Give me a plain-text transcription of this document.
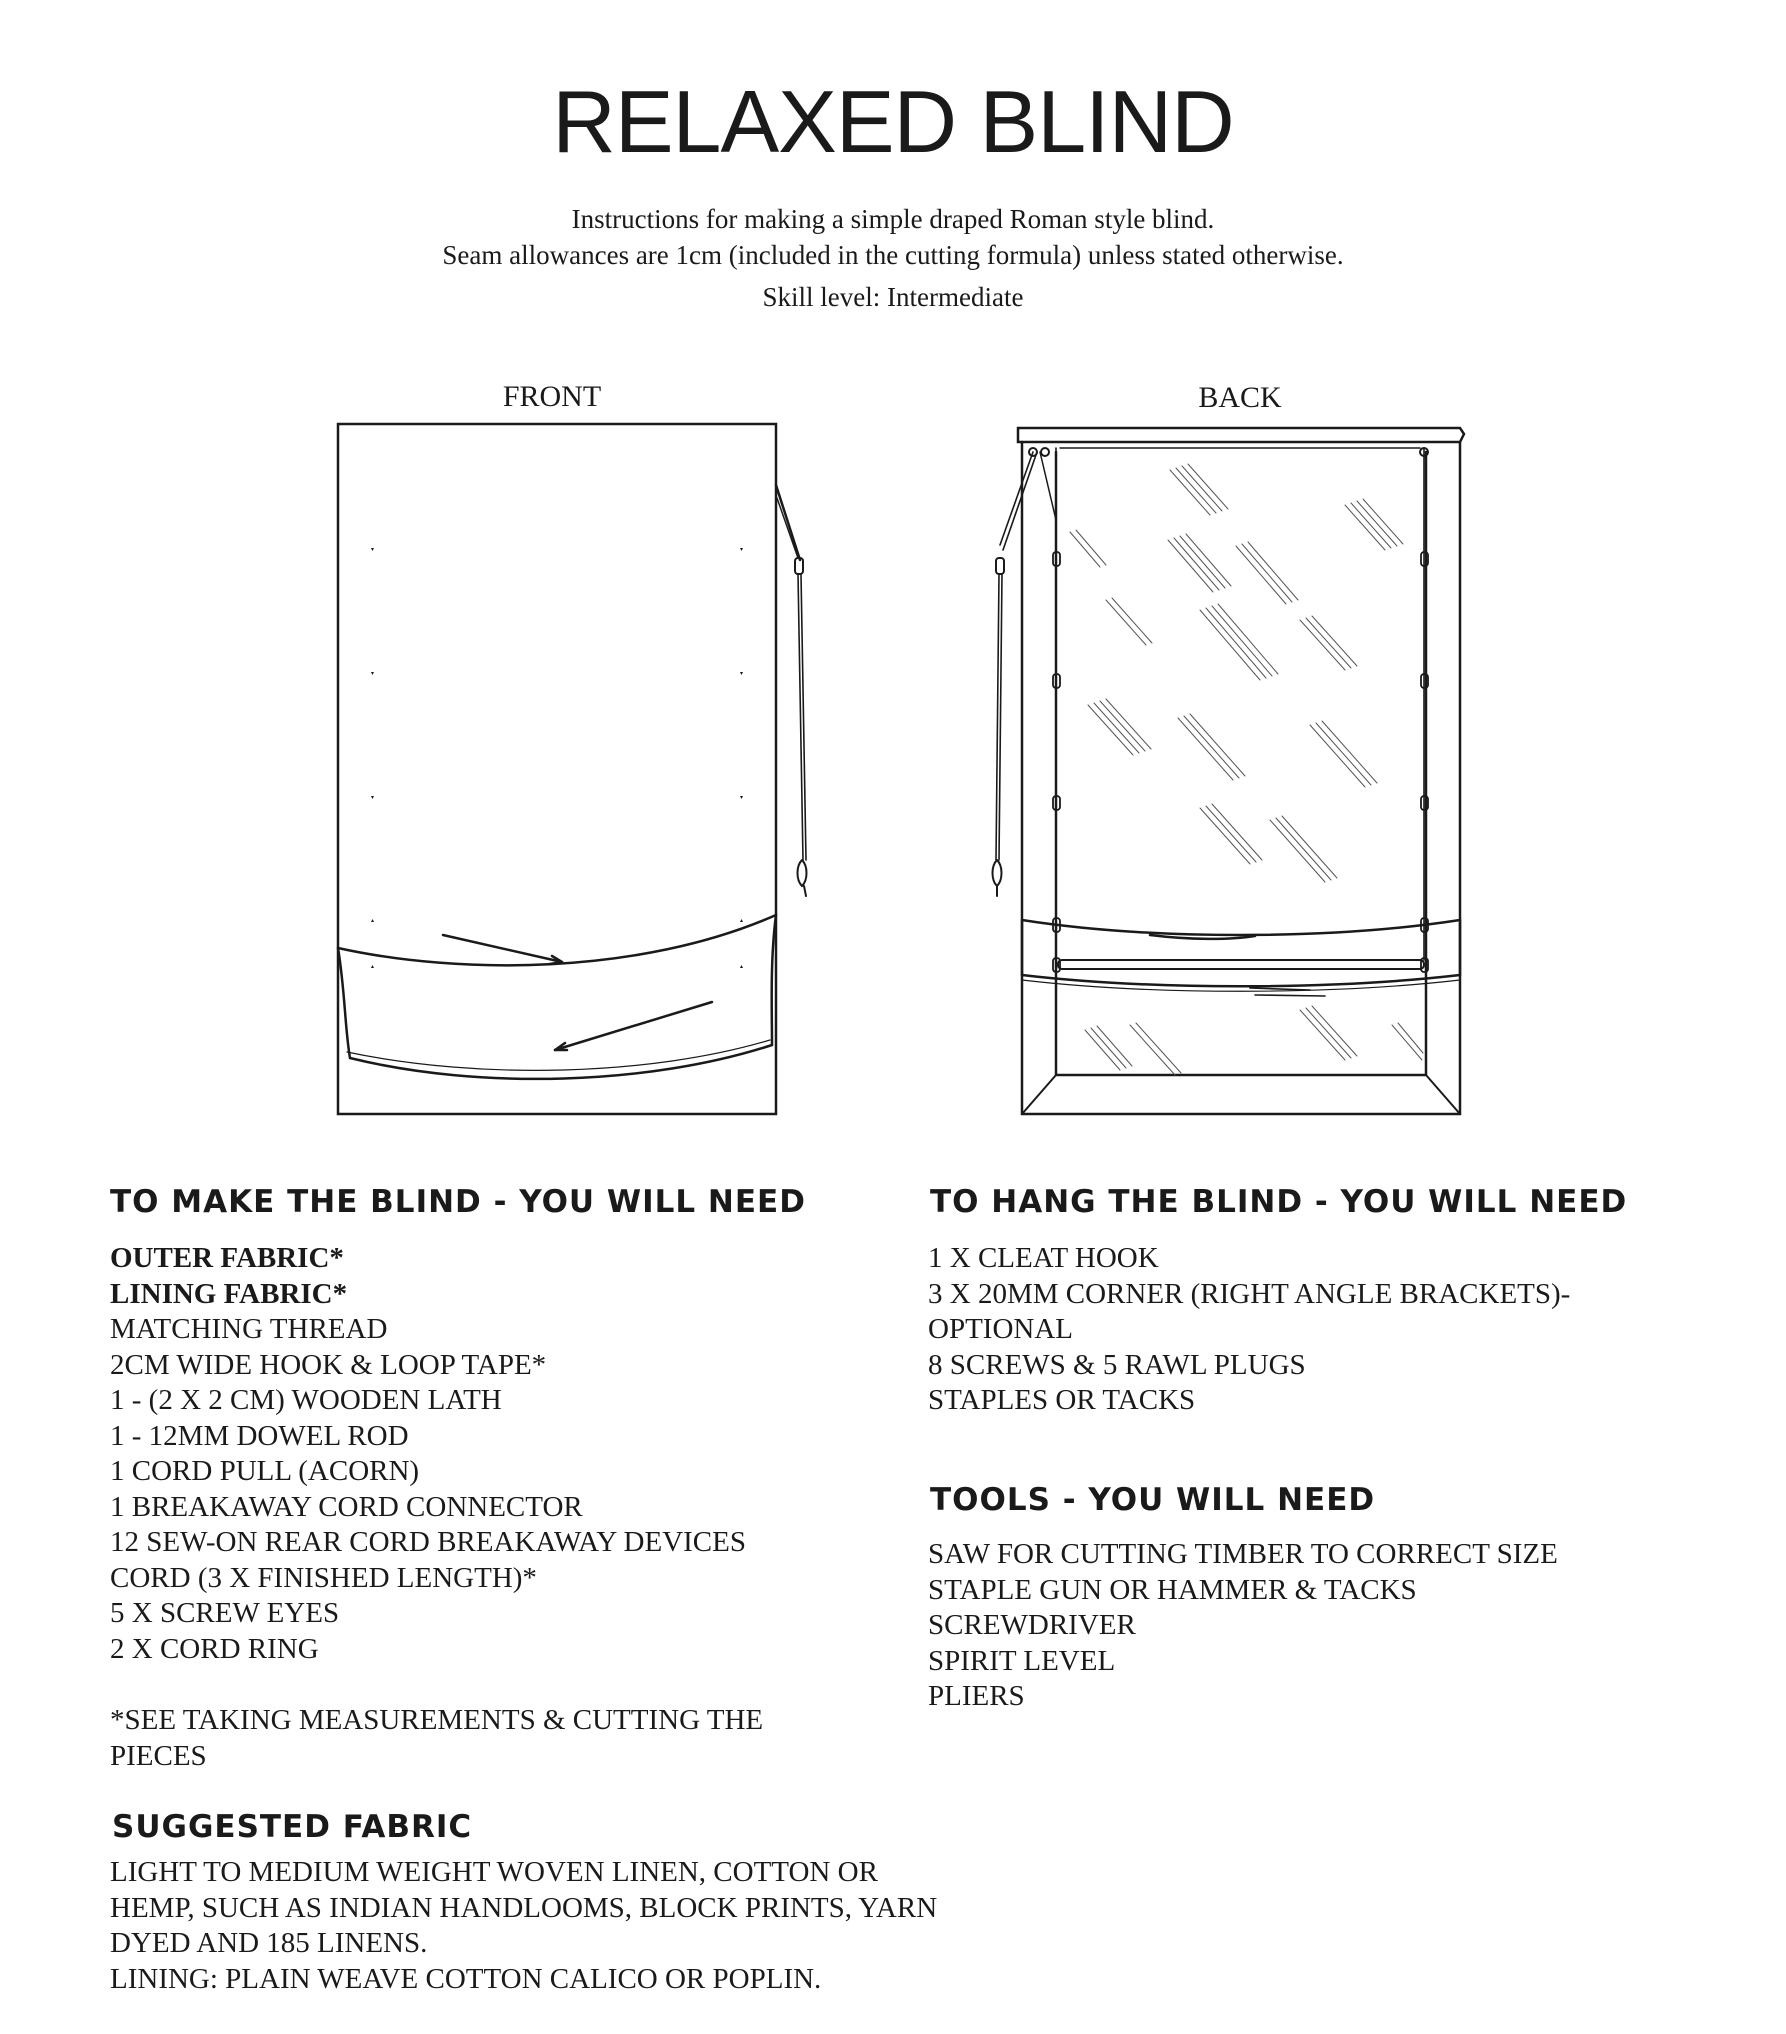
RELAXED BLIND
Instructions for making a simple draped Roman style blind.
Seam allowances are 1cm (included in the cutting formula) unless stated otherwise.
Skill level: Intermediate
FRONT	BACK
TO MAKE THE BLIND - YOU WILL NEED
OUTER FABRIC*
LINING FABRIC*
MATCHING THREAD
2CM WIDE HOOK & LOOP TAPE*
1 - (2 X 2 CM) WOODEN LATH
1 - 12MM DOWEL ROD
1 CORD PULL (ACORN)
1 BREAKAWAY CORD CONNECTOR
12 SEW-ON REAR CORD BREAKAWAY DEVICES
CORD (3 X FINISHED LENGTH)*
5 X SCREW EYES
2 X CORD RING
*SEE TAKING MEASUREMENTS & CUTTING THE
PIECES
TO HANG THE BLIND - YOU WILL NEED
1 X CLEAT HOOK
3 X 20MM CORNER (RIGHT ANGLE BRACKETS)-
OPTIONAL
8 SCREWS & 5 RAWL PLUGS
STAPLES OR TACKS
TOOLS - YOU WILL NEED
SAW FOR CUTTING TIMBER TO CORRECT SIZE
STAPLE GUN OR HAMMER & TACKS
SCREWDRIVER
SPIRIT LEVEL
PLIERS
SUGGESTED FABRIC
LIGHT TO MEDIUM WEIGHT WOVEN LINEN, COTTON OR
HEMP, SUCH AS INDIAN HANDLOOMS, BLOCK PRINTS, YARN
DYED AND 185 LINENS.
LINING: PLAIN WEAVE COTTON CALICO OR POPLIN.
